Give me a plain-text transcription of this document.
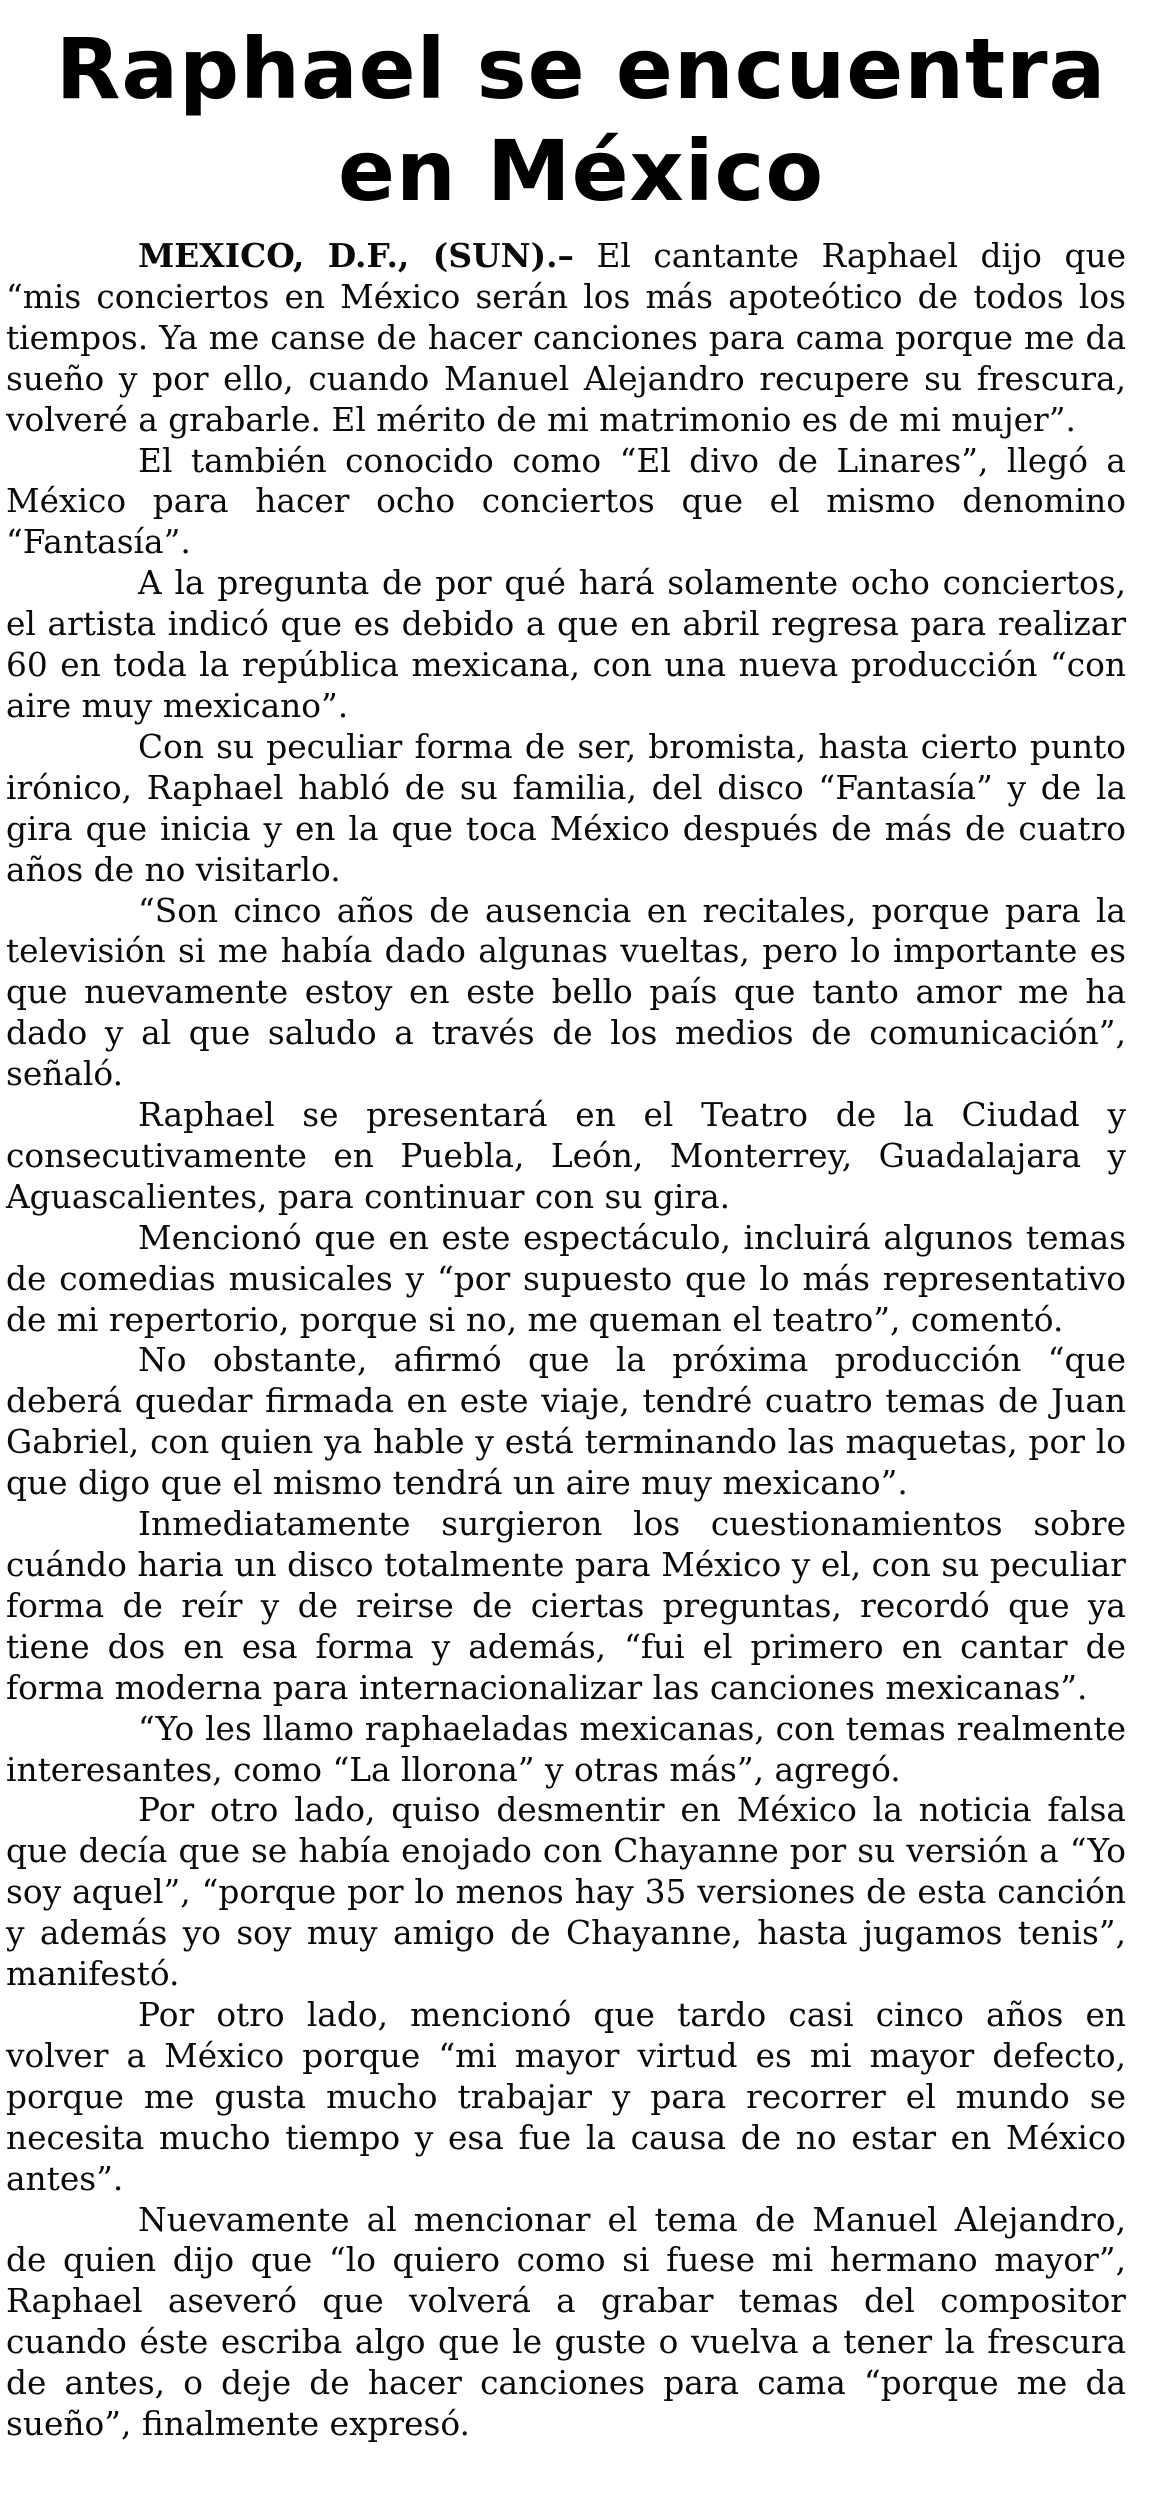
Raphael se encuentra
en México

MEXICO, D.F., (SUN).– El cantante Raphael dijo que “mis conciertos en México serán los más apoteótico de todos los tiempos. Ya me canse de hacer canciones para cama porque me da sueño y por ello, cuando Manuel Alejandro recupere su frescura, volveré a grabarle. El mérito de mi matrimonio es de mi mujer”.

El también conocido como “El divo de Linares”, llegó a México para hacer ocho conciertos que el mismo denomino “Fantasía”.

A la pregunta de por qué hará solamente ocho conciertos, el artista indicó que es debido a que en abril regresa para realizar 60 en toda la república mexicana, con una nueva producción “con aire muy mexicano”.

Con su peculiar forma de ser, bromista, hasta cierto punto irónico, Raphael habló de su familia, del disco “Fantasía” y de la gira que inicia y en la que toca México después de más de cuatro años de no visitarlo.

“Son cinco años de ausencia en recitales, porque para la televisión si me había dado algunas vueltas, pero lo importante es que nuevamente estoy en este bello país que tanto amor me ha dado y al que saludo a través de los medios de comunicación”, señaló.

Raphael se presentará en el Teatro de la Ciudad y consecutivamente en Puebla, León, Monterrey, Guadalajara y Aguascalientes, para continuar con su gira.

Mencionó que en este espectáculo, incluirá algunos temas de comedias musicales y “por supuesto que lo más representativo de mi repertorio, porque si no, me queman el teatro”, comentó.

No obstante, afirmó que la próxima producción “que deberá quedar firmada en este viaje, tendré cuatro temas de Juan Gabriel, con quien ya hable y está terminando las maquetas, por lo que digo que el mismo tendrá un aire muy mexicano”.

Inmediatamente surgieron los cuestionamientos sobre cuándo haria un disco totalmente para México y el, con su peculiar forma de reír y de reirse de ciertas preguntas, recordó que ya tiene dos en esa forma y además, “fui el primero en cantar de forma moderna para internacionalizar las canciones mexicanas”.

“Yo les llamo raphaeladas mexicanas, con temas realmente interesantes, como “La llorona” y otras más”, agregó.

Por otro lado, quiso desmentir en México la noticia falsa que decía que se había enojado con Chayanne por su versión a “Yo soy aquel”, “porque por lo menos hay 35 versiones de esta canción y además yo soy muy amigo de Chayanne, hasta jugamos tenis”, manifestó.

Por otro lado, mencionó que tardo casi cinco años en volver a México porque “mi mayor virtud es mi mayor defecto, porque me gusta mucho trabajar y para recorrer el mundo se necesita mucho tiempo y esa fue la causa de no estar en México antes”.

Nuevamente al mencionar el tema de Manuel Alejandro, de quien dijo que “lo quiero como si fuese mi hermano mayor”, Raphael aseveró que volverá a grabar temas del compositor cuando éste escriba algo que le guste o vuelva a tener la frescura de antes, o deje de hacer canciones para cama “porque me da sueño”, finalmente expresó.
